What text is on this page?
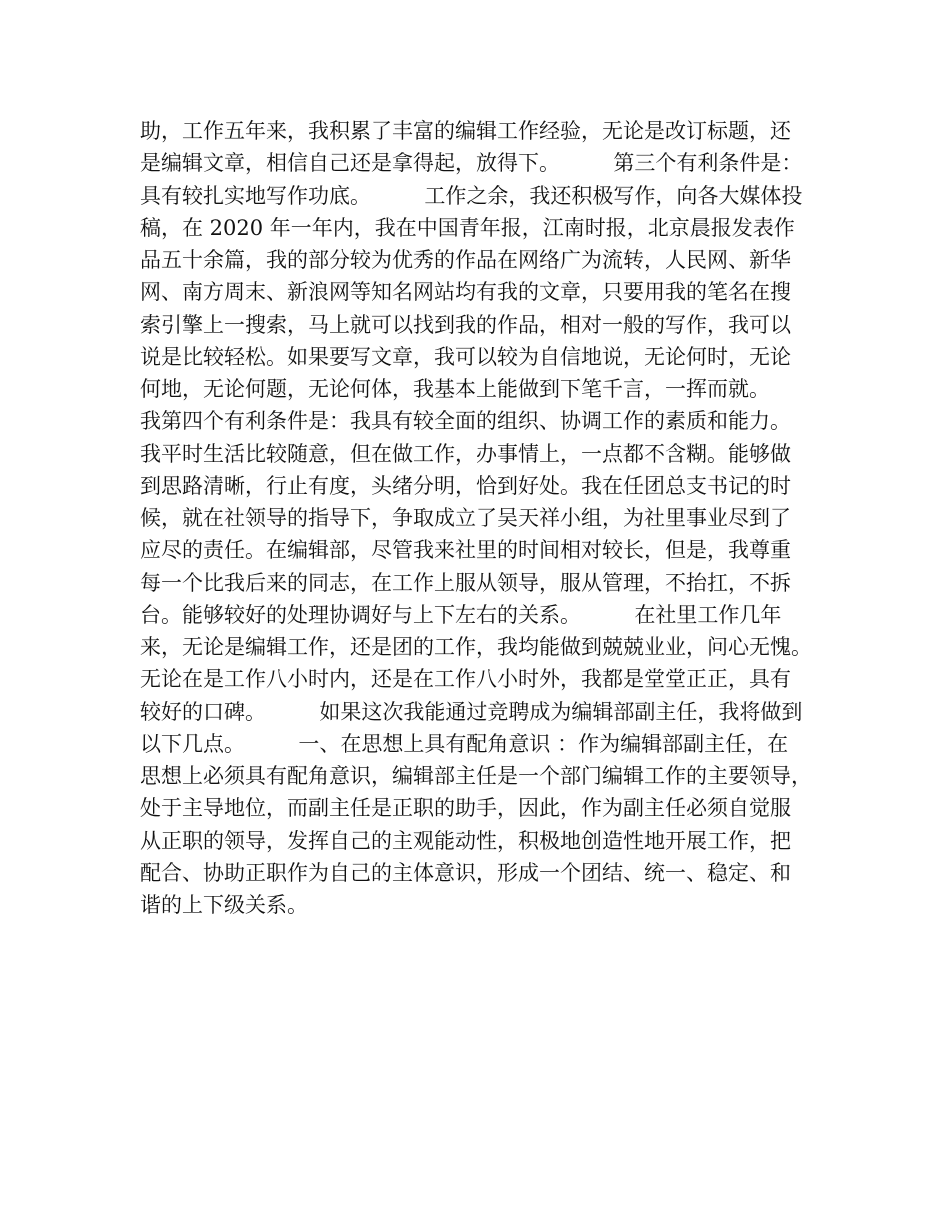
助，工作五年来，我积累了丰富的编辑工作经验，无论是改订标题，还
是编辑文章，相信自己还是拿得起，放得下。        第三个有利条件是：
具有较扎实地写作功底。        工作之余，我还积极写作，向各大媒体投
稿，在 2020 年一年内，我在中国青年报，江南时报，北京晨报发表作
品五十余篇，我的部分较为优秀的作品在网络广为流转，人民网、新华
网、南方周末、新浪网等知名网站均有我的文章，只要用我的笔名在搜
索引擎上一搜索，马上就可以找到我的作品，相对一般的写作，我可以
说是比较轻松。如果要写文章，我可以较为自信地说，无论何时，无论
何地，无论何题，无论何体，我基本上能做到下笔千言，一挥而就。
我第四个有利条件是：我具有较全面的组织、协调工作的素质和能力。
我平时生活比较随意，但在做工作，办事情上，一点都不含糊。能够做
到思路清晰，行止有度，头绪分明，恰到好处。我在任团总支书记的时
候，就在社领导的指导下，争取成立了吴天祥小组，为社里事业尽到了
应尽的责任。在编辑部，尽管我来社里的时间相对较长，但是，我尊重
每一个比我后来的同志，在工作上服从领导，服从管理，不抬扛，不拆
台。能够较好的处理协调好与上下左右的关系。        在社里工作几年
来，无论是编辑工作，还是团的工作，我均能做到兢兢业业，问心无愧。
无论在是工作八小时内，还是在工作八小时外，我都是堂堂正正，具有
较好的口碑。        如果这次我能通过竞聘成为编辑部副主任，我将做到
以下几点。        一、在思想上具有配角意识 ：作为编辑部副主任，在
思想上必须具有配角意识，编辑部主任是一个部门编辑工作的主要领导，
处于主导地位，而副主任是正职的助手，因此，作为副主任必须自觉服
从正职的领导，发挥自己的主观能动性，积极地创造性地开展工作，把
配合、协助正职作为自己的主体意识，形成一个团结、统一、稳定、和
谐的上下级关系。
